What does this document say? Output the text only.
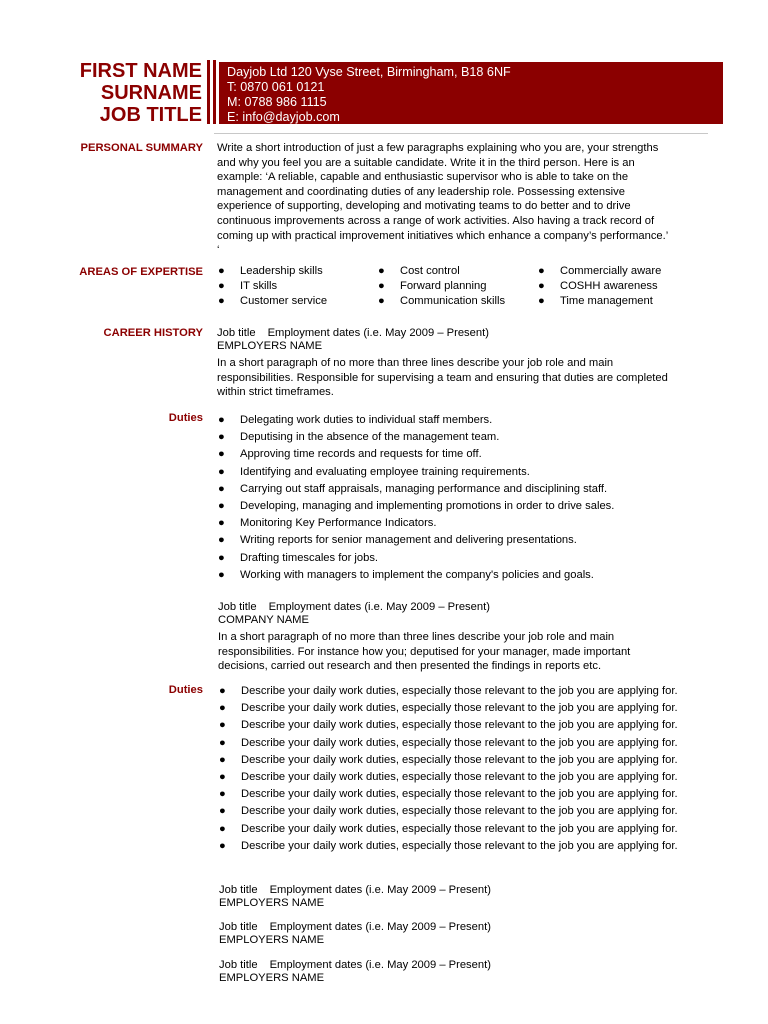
FIRST NAME
SURNAME
JOB TITLE
Dayjob Ltd 120 Vyse Street, Birmingham, B18 6NF
T: 0870 061 0121
M: 0788 986 1115
E: info@dayjob.com
PERSONAL SUMMARY Write a short introduction of just a few paragraphs explaining who you are, your strengths
and why you feel you are a suitable candidate. Write it in the third person. Here is an
example: ‘A reliable, capable and enthusiastic supervisor who is able to take on the
management and coordinating duties of any leadership role. Possessing extensive
experience of supporting, developing and motivating teams to do better and to drive
continuous improvements across a range of work activities. Also having a track record of
coming up with practical improvement initiatives which enhance a company’s performance.’
‘
AREAS OF EXPERTISE ● Leadership skills
● IT skills
● Customer service
● Cost control
● Forward planning
● Communication skills
● Commercially aware
● COSHH awareness
● Time management
CAREER HISTORY Job title Employment dates (i.e. May 2009 – Present)
EMPLOYERS NAME
In a short paragraph of no more than three lines describe your job role and main
responsibilities. Responsible for supervising a team and ensuring that duties are completed
within strict timeframes.
Duties ● Delegating work duties to individual staff members.
● Deputising in the absence of the management team.
● Approving time records and requests for time off.
● Identifying and evaluating employee training requirements.
● Carrying out staff appraisals, managing performance and disciplining staff.
● Developing, managing and implementing promotions in order to drive sales.
● Monitoring Key Performance Indicators.
● Writing reports for senior management and delivering presentations.
● Drafting timescales for jobs.
● Working with managers to implement the company's policies and goals.
Job title Employment dates (i.e. May 2009 – Present)
COMPANY NAME
In a short paragraph of no more than three lines describe your job role and main
responsibilities. For instance how you; deputised for your manager, made important
decisions, carried out research and then presented the findings in reports etc.
Duties ● Describe your daily work duties, especially those relevant to the job you are applying for.
● Describe your daily work duties, especially those relevant to the job you are applying for.
● Describe your daily work duties, especially those relevant to the job you are applying for.
● Describe your daily work duties, especially those relevant to the job you are applying for.
● Describe your daily work duties, especially those relevant to the job you are applying for.
● Describe your daily work duties, especially those relevant to the job you are applying for.
● Describe your daily work duties, especially those relevant to the job you are applying for.
● Describe your daily work duties, especially those relevant to the job you are applying for.
● Describe your daily work duties, especially those relevant to the job you are applying for.
● Describe your daily work duties, especially those relevant to the job you are applying for.
Job title Employment dates (i.e. May 2009 – Present)
EMPLOYERS NAME
Job title Employment dates (i.e. May 2009 – Present)
EMPLOYERS NAME
Job title Employment dates (i.e. May 2009 – Present)
EMPLOYERS NAME
